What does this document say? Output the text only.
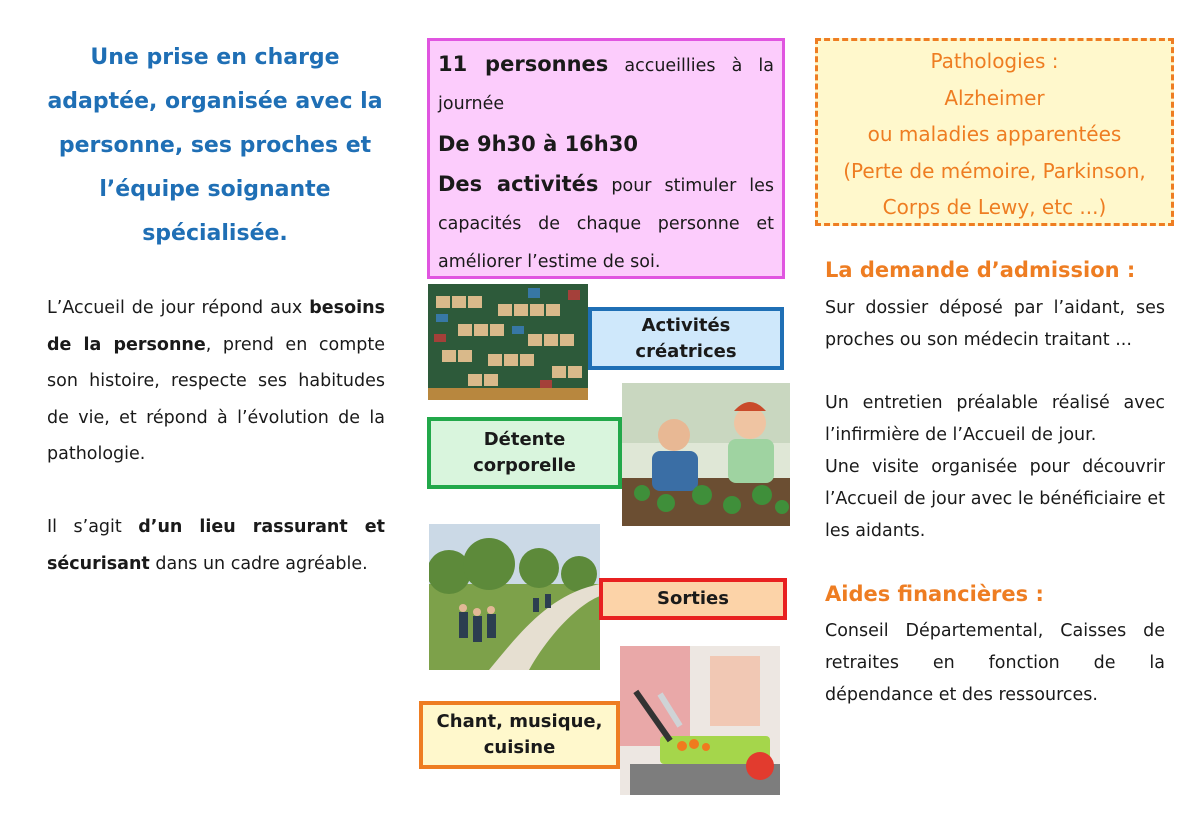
Une prise en charge
adaptée, organisée avec la
personne, ses proches et
l’équipe soignante
spécialisée.
L’Accueil de jour répond aux besoins de la personne, prend en compte son histoire, respecte ses habitudes de vie, et répond à l’évolution de la pathologie.
Il s’agit d’un lieu rassurant et sécurisant dans un cadre agréable.
11 personnes accueillies à la journée
De 9h30 à 16h30
Des activités pour stimuler les capacités de chaque personne et améliorer l’estime de soi.
Activités
créatrices
Détente
corporelle
Sorties
Chant, musique,
cuisine
Pathologies :
Alzheimer
ou maladies apparentées
(Perte de mémoire, Parkinson,
Corps de Lewy, etc ...)
La demande d’admission :
Sur dossier déposé par l’aidant, ses proches ou son médecin traitant ...
Un entretien préalable réalisé avec l’infirmière de l’Accueil de jour.
Une visite organisée pour découvrir l’Accueil de jour avec le bénéficiaire et les aidants.
Aides financières :
Conseil Départemental, Caisses de retraites en fonction de la dépendance et des ressources.
